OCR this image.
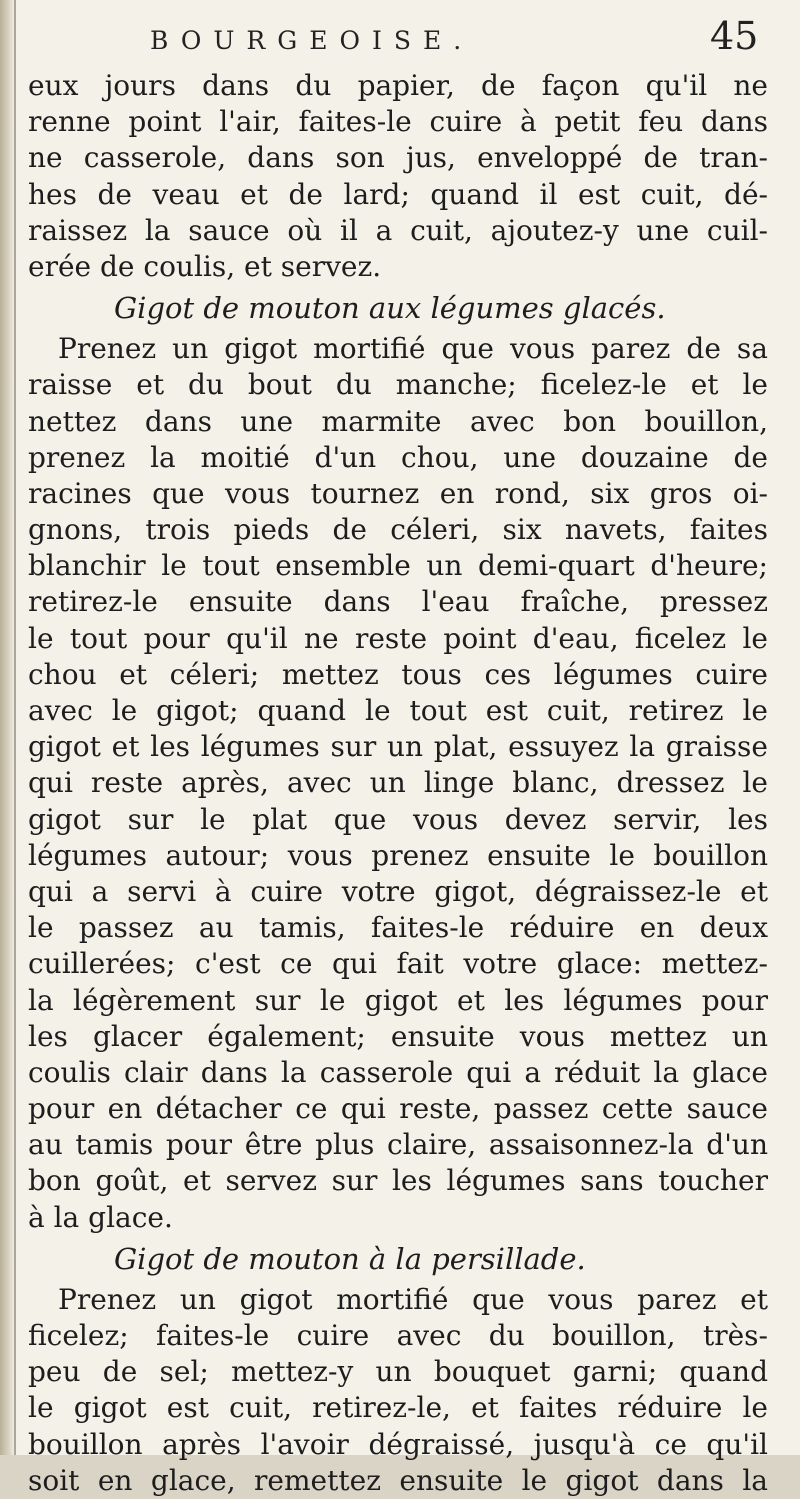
BOURGEOISE.	45
eux jours dans du papier, de façon qu'il ne
renne point l'air, faites-le cuire à petit feu dans
ne casserole, dans son jus, enveloppé de tran-
hes de veau et de lard; quand il est cuit, dé-
raissez la sauce où il a cuit, ajoutez-y une cuil-
erée de coulis, et servez.
Gigot de mouton aux légumes glacés.
Prenez un gigot mortifié que vous parez de sa
raisse et du bout du manche; ficelez-le et le
nettez dans une marmite avec bon bouillon,
prenez la moitié d'un chou, une douzaine de
racines que vous tournez en rond, six gros oi-
gnons, trois pieds de céleri, six navets, faites
blanchir le tout ensemble un demi-quart d'heure;
retirez-le ensuite dans l'eau fraîche, pressez
le tout pour qu'il ne reste point d'eau, ficelez le
chou et céleri; mettez tous ces légumes cuire
avec le gigot; quand le tout est cuit, retirez le
gigot et les légumes sur un plat, essuyez la graisse
qui reste après, avec un linge blanc, dressez le
gigot sur le plat que vous devez servir, les
légumes autour; vous prenez ensuite le bouillon
qui a servi à cuire votre gigot, dégraissez-le et
le passez au tamis, faites-le réduire en deux
cuillerées; c'est ce qui fait votre glace: mettez-
la légèrement sur le gigot et les légumes pour
les glacer également; ensuite vous mettez un
coulis clair dans la casserole qui a réduit la glace
pour en détacher ce qui reste, passez cette sauce
au tamis pour être plus claire, assaisonnez-la d'un
bon goût, et servez sur les légumes sans toucher
à la glace.
Gigot de mouton à la persillade.
Prenez un gigot mortifié que vous parez et
ficelez; faites-le cuire avec du bouillon, très-
peu de sel; mettez-y un bouquet garni; quand
le gigot est cuit, retirez-le, et faites réduire le
bouillon après l'avoir dégraissé, jusqu'à ce qu'il
soit en glace, remettez ensuite le gigot dans la
